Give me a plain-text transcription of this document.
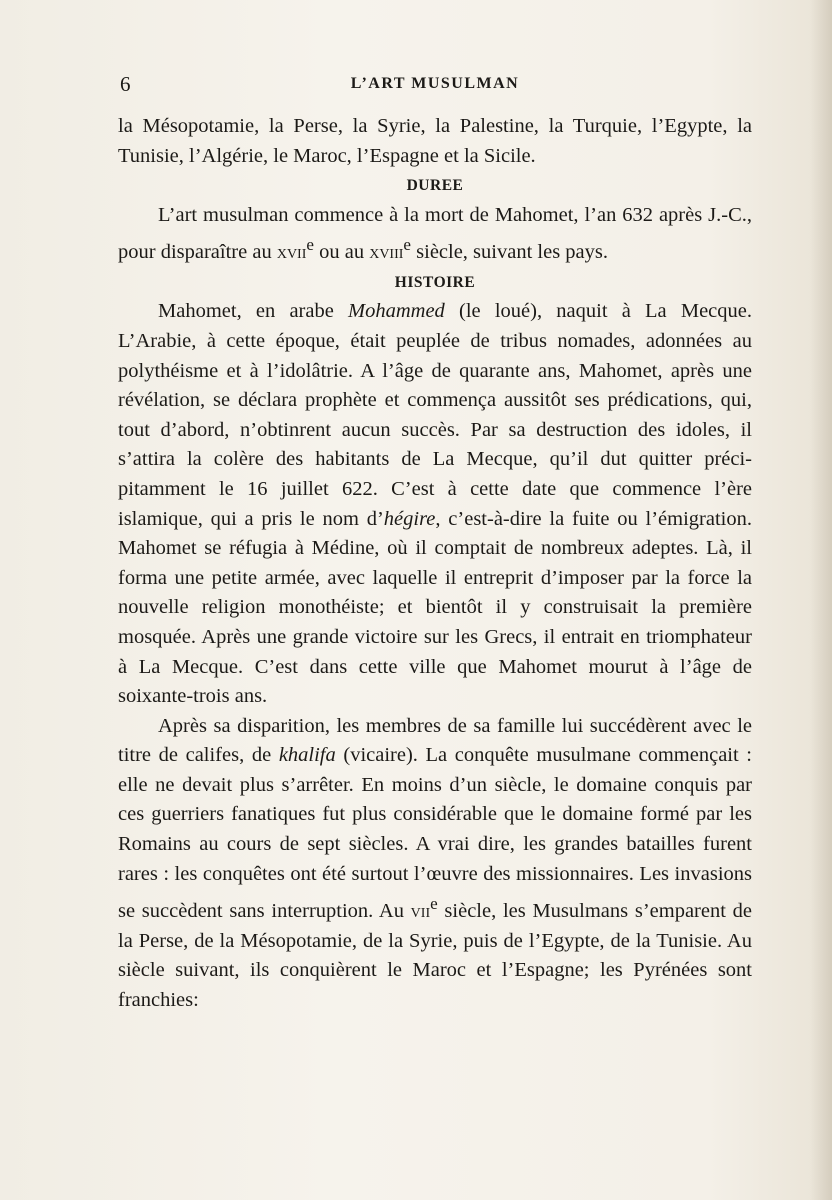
6	L’ART MUSULMAN

la Mésopotamie, la Perse, la Syrie, la Palestine, la Turquie, l’Egypte, la Tunisie, l’Algérie, le Maroc, l’Espagne et la Sicile.

DUREE

L’art musulman commence à la mort de Mahomet, l’an 632 après J.-C., pour disparaître au xvii$^e$ ou au xviii$^e$ siècle, suivant les pays.

HISTOIRE

Mahomet, en arabe Mohammed (le loué), naquit à La Mecque. L’Arabie, à cette époque, était peuplée de tribus nomades, adonnées au polythéisme et à l’idolâtrie. A l’âge de quarante ans, Mahomet, après une révélation, se déclara prophète et commença aussitôt ses prédications, qui, tout d’abord, n’obtinrent aucun succès. Par sa destruction des idoles, il s’attira la colère des habitants de La Mecque, qu’il dut quitter précipitamment le 16 juillet 622. C’est à cette date que commence l’ère islamique, qui a pris le nom d’hégire, c’est-à-dire la fuite ou l’émigration. Mahomet se réfugia à Médine, où il comptait de nombreux adeptes. Là, il forma une petite armée, avec laquelle il entreprit d’imposer par la force la nouvelle religion monothéiste; et bientôt il y construisait la première mosquée. Après une grande victoire sur les Grecs, il entrait en triomphateur à La Mecque. C’est dans cette ville que Mahomet mourut à l’âge de soixante-trois ans.

Après sa disparition, les membres de sa famille lui succédèrent avec le titre de califes, de khalifa (vicaire). La conquête musulmane commençait : elle ne devait plus s’arrêter. En moins d’un siècle, le domaine conquis par ces guerriers fanatiques fut plus considérable que le domaine formé par les Romains au cours de sept siècles. A vrai dire, les grandes batailles furent rares : les conquêtes ont été surtout l’œuvre des missionnaires. Les invasions se succèdent sans interruption. Au vii$^e$ siècle, les Musulmans s’emparent de la Perse, de la Mésopotamie, de la Syrie, puis de l’Egypte, de la Tunisie. Au siècle suivant, ils conquièrent le Maroc et l’Espagne; les Pyrénées sont franchies:
